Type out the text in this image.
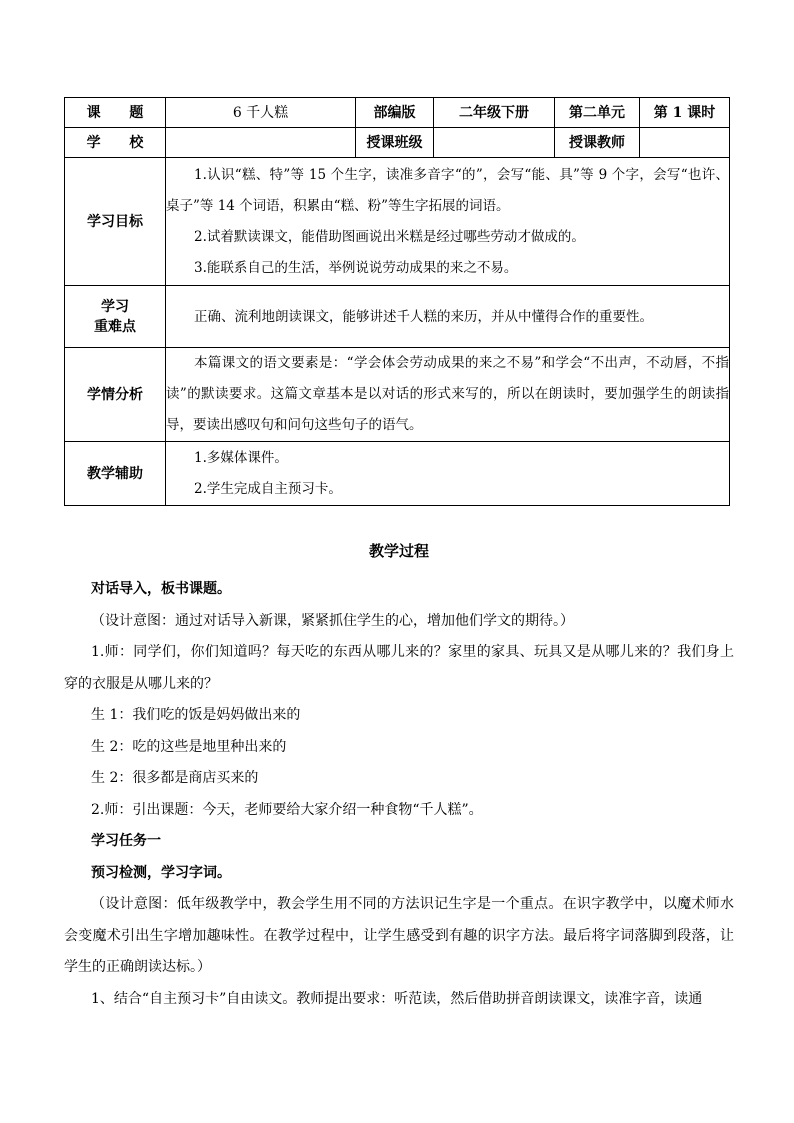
课 题	6 千人糕	部编版	二年级下册	第二单元	第 1 课时
学 校		授课班级		授课教师	
学习目标	1.认识“糕、特”等 15 个生字，读准多音字“的”，会写“能、具”等 9 个字，会写“也许、桌子”等 14 个词语，积累由“糕、粉”等生字拓展的词语。
2.试着默读课文，能借助图画说出米糕是经过哪些劳动才做成的。
3.能联系自己的生活，举例说说劳动成果的来之不易。				

学习
重难点	正确、流利地朗读课文，能够讲述千人糕的来历，并从中懂得合作的重要性。				

学情分析	本篇课文的语文要素是：“学会体会劳动成果的来之不易”和学会“不出声，不动唇，不指读”的默读要求。这篇文章基本是以对话的形式来写的，所以在朗读时，要加强学生的朗读指导，要读出感叹句和问句这些句子的语气。				

教学辅助	1.多媒体课件。
2.学生完成自主预习卡。				
教学过程

对话导入，板书课题。

（设计意图：通过对话导入新课，紧紧抓住学生的心，增加他们学文的期待。）

1.师：同学们，你们知道吗？每天吃的东西从哪儿来的？家里的家具、玩具又是从哪儿来的？我们身上穿的衣服是从哪儿来的？

生 1：我们吃的饭是妈妈做出来的

生 2：吃的这些是地里种出来的

生 2：很多都是商店买来的

2.师：引出课题：今天，老师要给大家介绍一种食物“千人糕”。

学习任务一

预习检测，学习字词。

（设计意图：低年级教学中，教会学生用不同的方法识记生字是一个重点。在识字教学中，以魔术师水会变魔术引出生字增加趣味性。在教学过程中，让学生感受到有趣的识字方法。最后将字词落脚到段落，让学生的正确朗读达标。）

1、结合“自主预习卡”自由读文。教师提出要求：听范读，然后借助拼音朗读课文，读准字音，读通
